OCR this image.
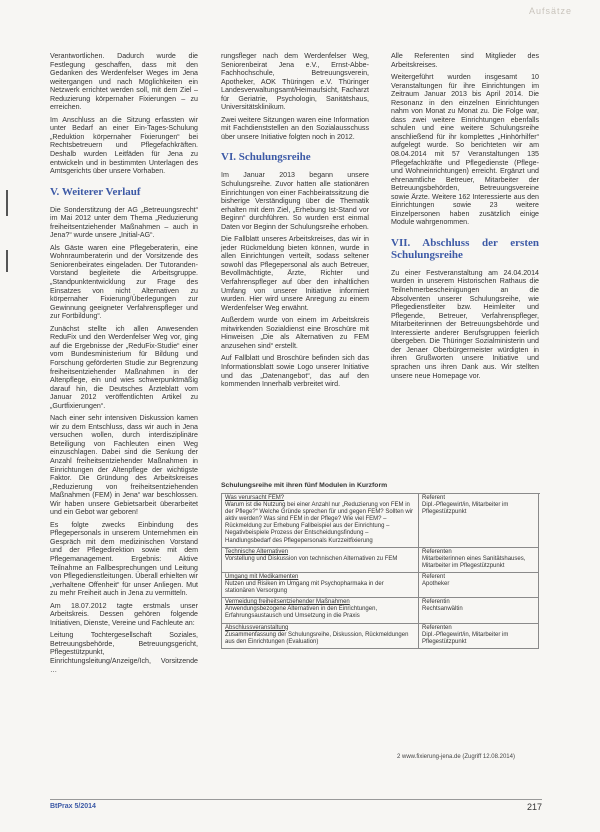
Aufsätze

Verantwortlichen. Dadurch wurde die Festlegung geschaffen, dass mit den Gedanken des Werdenfelser Weges im Jena weitergangen und nach Möglichkeiten ein Netzwerk errichtet werden soll, mit dem Ziel – Reduzierung körpernaher Fixierungen – zu erreichen.

Im Anschluss an die Sitzung erfassten wir unter Bedarf an einer Ein-Tages-Schulung „Reduktion körpernaher Fixierungen“ bei Rechtsbetreuern und Pflegefachkräften. Deshalb wurden Leitfäden für Jena zu entwickeln und in bestimmten Unterlagen des Amtsgerichts über unsere Vorhaben.

V. Weiterer Verlauf

Die Sonderstitzung der AG „Betreuungsrecht“ im Mai 2012 unter dem Thema „Reduzierung freiheitsentziehender Maßnahmen – auch in Jena?“ wurde unsere „Initial-AG“.

Als Gäste waren eine Pflegeberaterin, eine Wohnraumberaterin und der Vorsitzende des Seniorenbeirates eingeladen. Der Tutoranden-Vorstand begleitete die Arbeitsgruppe. „Standpunktentwicklung zur Frage des Einsatzes von nicht Alternativen zu körpernaher Fixierung/Überlegungen zur Gewinnung geeigneter Verfahrenspfleger und zur Fortbildung“.

Zunächst stellte ich allen Anwesenden ReduFix und den Werdenfelser Weg vor, ging auf die Ergebnisse der „ReduFix-Studie“ einer vom Bundesministerium für Bildung und Forschung geförderten Studie zur Begrenzung freiheitsentziehender Maßnahmen in der Altenpflege, ein und wies schwerpunktmäßig darauf hin, die Deutsches Ärzteblatt vom Januar 2012 veröffentlichten Artikel zu „Gurtfixierungen“.

Nach einer sehr intensiven Diskussion kamen wir zu dem Entschluss, dass wir auch in Jena versuchen wollen, durch interdisziplinäre Beteiligung von Fachleuten einen Weg einzuschlagen. Dabei sind die Senkung der Anzahl freiheitsentziehender Maßnahmen in Einrichtungen der Altenpflege der wichtigste Faktor. Die Gründung des Arbeitskreises „Reduzierung von freiheitsentziehenden Maßnahmen (FEM) in Jena“ war beschlossen. Wir haben unsere Gebietsarbeit überarbeitet und ein Gebot war geboren!

Es folgte zwecks Einbindung des Pflegepersonals in unserem Unternehmen ein Gespräch mit dem medizinischen Vorstand und der Pflegedirektion sowie mit dem Pflegemanagement. Ergebnis: Aktive Teilnahme an Fallbesprechungen und Leitung von Pflegedienstleitungen. Überall erhielten wir „verhaltene Offenheit“ für unser Anliegen. Mut zu mehr Freiheit auch in Jena zu vermitteln.

Am 18.07.2012 tagte erstmals unser Arbeitskreis. Dessen gehören folgende Initiativen, Dienste, Vereine und Fachleute an:

Leitung Tochtergesellschaft Soziales, Betreuungsbehörde, Betreuungsgericht, Pflegestützpunkt, Einrichtungsleitung/Anzeige/Ich, Vorsitzende …

rungsfleger nach dem Werdenfelser Weg, Seniorenbeirat Jena e.V., Ernst-Abbe-Fachhochschule, Betreuungsverein, Apotheker, AOK Thüringen e.V. Thüringer Landesverwaltungsamt/Heimaufsicht, Facharzt für Geriatrie, Psychologin, Sanitätshaus, Universitätsklinikum.

Zwei weitere Sitzungen waren eine Information mit Fachdienststellen an den Sozialausschuss über unsere Initiative folgten noch in 2012.

VI. Schulungsreihe

Im Januar 2013 begann unsere Schulungsreihe. Zuvor hatten alle stationären Einrichtungen von einer Fachbeiratssitzung die bisherige Verständigung über die Thematik erhalten mit dem Ziel, „Erhebung Ist-Stand vor Beginn“ durchführen. So wurden erst einmal Daten vor Beginn der Schulungsreihe erhoben.

Die Fallblatt unseres Arbeitskreises, das wir in jeder Rückmeldung bieten können, wurde in allen Einrichtungen verteilt, sodass seltener sowohl das Pflegepersonal als auch Betreuer, Bevollmächtigte, Ärzte, Richter und Verfahrenspfleger auf über den inhaltlichen Umfang von unserer Initiative informiert wurden. Hier wird unsere Anregung zu einem Werdenfelser Weg erwähnt.

Außerdem wurde von einem im Arbeitskreis mitwirkenden Sozialdienst eine Broschüre mit Hinweisen „Die als Alternativen zu FEM anzusehen sind“ erstellt.

Auf Fallblatt und Broschüre befinden sich das Informationsblatt sowie Logo unserer Initiative und das „Datenangebot“, das auf den kommenden Innerhalb verbreitet wird.

Alle Referenten sind Mitglieder des Arbeitskreises.

Weitergeführt wurden insgesamt 10 Veranstaltungen für ihre Einrichtungen im Zeitraum Januar 2013 bis April 2014. Die Resonanz in den einzelnen Einrichtungen nahm von Monat zu Monat zu. Die Folge war, dass zwei weitere Einrichtungen ebenfalls schulen und eine weitere Schulungsreihe anschließend für ihr komplettes „Hinhörhilfer“ aufgelegt wurde. So berichteten wir am 08.04.2014 mit 57 Veranstaltungen 135 Pflegefachkräfte und Pflegedienste (Pflege- und Wohneinrichtungen) erreicht. Ergänzt und ehrenamtliche Betreuer, Mitarbeiter der Betreuungsbehörden, Betreuungsvereine sowie Ärzte. Weitere 162 Interessierte aus den Einrichtungen sowie 23 weitere Einzelpersonen haben zusätzlich einige Module wahrgenommen.

VII. Abschluss der ersten Schulungsreihe

Zu einer Festveranstaltung am 24.04.2014 wurden in unserem Historischen Rathaus die Teilnehmerbescheinigungen an die Absolventen unserer Schulungsreihe, wie Pflegedienstleiter bzw. Heimleiter und Pflegende, Betreuer, Verfahrenspfleger, Mitarbeiterinnen der Betreuungsbehörde und Interessierte anderer Berufsgruppen feierlich übergeben. Die Thüringer Sozialministerin und der Jenaer Oberbürgermeister würdigten in ihren Grußworten unsere Initiative und sprachen uns ihren Dank aus. Wir stellten unsere neue Homepage vor.

Schulungsreihe mit ihren fünf Modulen in Kurzform
Was verursacht FEM?
Warum ist die Nutzung bei einer Anzahl nur „Reduzierung von FEM in der Pflege?“ Welche Gründe sprechen für und gegen FEM? Sollten wir aktiv werden? Was sind FEM in der Pflege? Wie viel FEM? – Rückmeldung zur Erhebung Fallbeispiel aus der Einrichtung – Negativbeispiele Prozess der Entscheidungsfindung – Handlungsbedarf des Pflegepersonals Kurzzeitfixierung
Referent
Dipl.-Pflegewirt/in, Mitarbeiter im Pflegestützpunkt
Technische Alternativen
Vorstellung und Diskussion von technischen Alternativen zu FEM
Referenten
Mitarbeiterinnen eines Sanitätshauses, Mitarbeiter im Pflegestützpunkt
Umgang mit Medikamenten
Nutzen und Risiken im Umgang mit Psychopharmaka in der stationären Versorgung
Referent
Apotheker
Vermeidung freiheitsentziehender Maßnahmen
Anwendungsbezogene Alternativen in den Einrichtungen, Erfahrungsaustausch und Umsetzung in die Praxis
Referentin
Rechtsanwältin
Abschlussveranstaltung
Zusammenfassung der Schulungsreihe, Diskussion, Rückmeldungen aus den Einrichtungen (Evaluation)
Referenten
Dipl.-Pflegewirt/in, Mitarbeiter im Pflegestützpunkt
2 www.fixierung-jena.de (Zugriff 12.08.2014)
BtPrax 5/2014	217
